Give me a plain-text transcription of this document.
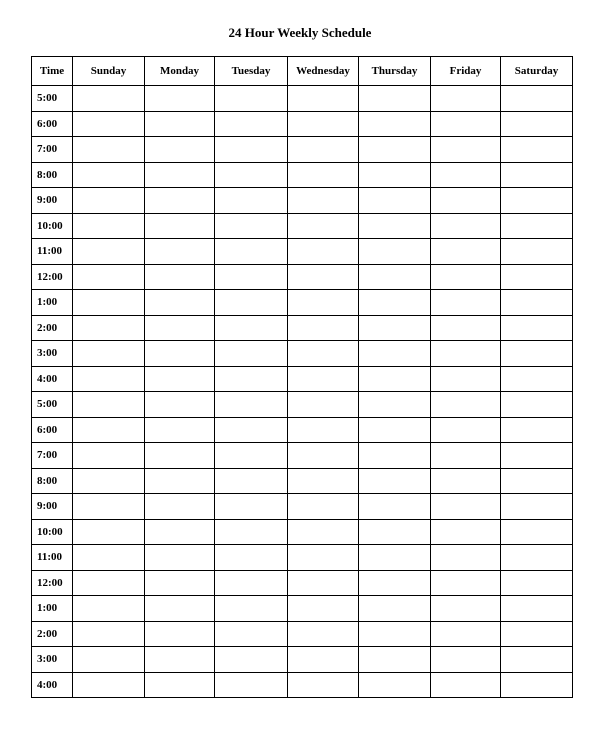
24 Hour Weekly Schedule
Time	Sunday	Monday	Tuesday	Wednesday	Thursday	Friday	Saturday
5:00							
6:00							
7:00							
8:00							
9:00							
10:00							
11:00							
12:00							
1:00							
2:00							
3:00							
4:00							
5:00							
6:00							
7:00							
8:00							
9:00							
10:00							
11:00							
12:00							
1:00							
2:00							
3:00							
4:00							
